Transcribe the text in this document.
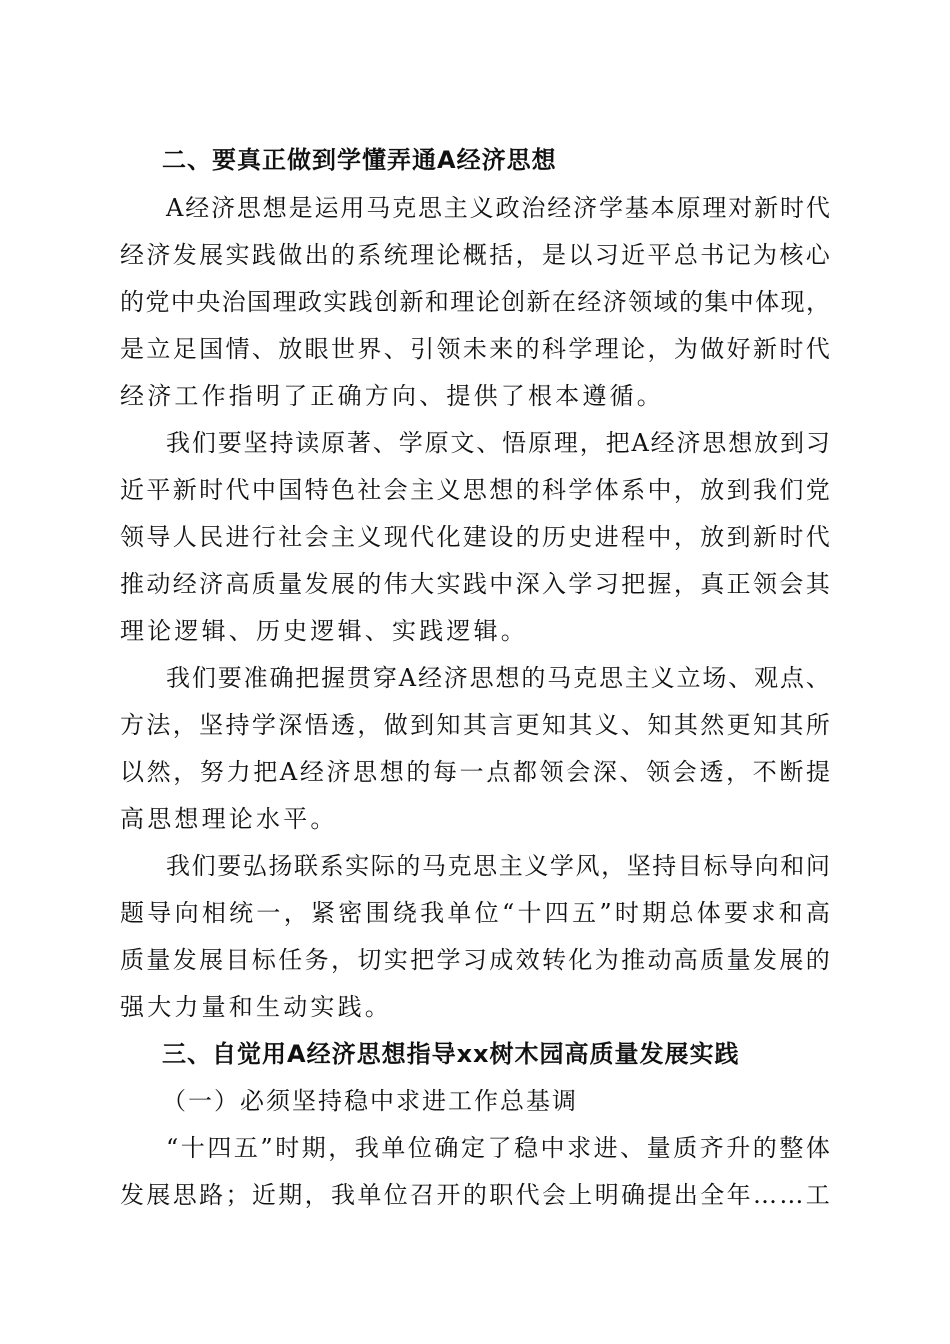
二、要真正做到学懂弄通A经济思想
A 经 济 思 想 是 运 用 马 克 思 主 义 政 治 经 济 学 基 本 原 理 对 新 时 代
经 济 发 展 实 践 做 出 的 系 统 理 论 概 括 ， 是 以 习 近 平 总 书 记 为 核 心
的 党 中 央 治 国 理 政 实 践 创 新 和 理 论 创 新 在 经 济 领 域 的 集 中 体 现 ，
是 立 足 国 情 、 放 眼 世 界 、 引 领 未 来 的 科 学 理 论 ， 为 做 好 新 时 代
经济工作指明了正确方向、提供了根本遵循。
我 们 要 坚 持 读 原 著 、 学 原 文 、 悟 原 理 ， 把 A 经 济 思 想 放 到 习
近 平 新 时 代 中 国 特 色 社 会 主 义 思 想 的 科 学 体 系 中 ， 放 到 我 们 党
领 导 人 民 进 行 社 会 主 义 现 代 化 建 设 的 历 史 进 程 中 ， 放 到 新 时 代
推 动 经 济 高 质 量 发 展 的 伟 大 实 践 中 深 入 学 习 把 握 ， 真 正 领 会 其
理论逻辑、历史逻辑、实践逻辑。
我 们 要 准 确 把 握 贯 穿 A 经 济 思 想 的 马 克 思 主 义 立 场 、 观 点 、
方 法 ， 坚 持 学 深 悟 透 ， 做 到 知 其 言 更 知 其 义 、 知 其 然 更 知 其 所
以 然 ， 努 力 把 A 经 济 思 想 的 每 一 点 都 领 会 深 、 领 会 透 ， 不 断 提
高思想理论水平。
我 们 要 弘 扬 联 系 实 际 的 马 克 思 主 义 学 风 ， 坚 持 目 标 导 向 和 问
题 导 向 相 统 一 ， 紧 密 围 绕 我 单 位 “ 十 四 五 ” 时 期 总 体 要 求 和 高
质 量 发 展 目 标 任 务 ， 切 实 把 学 习 成 效 转 化 为 推 动 高 质 量 发 展 的
强大力量和生动实践。
三、自觉用A经济思想指导xx树木园高质量发展实践
（一）必须坚持稳中求进工作总基调
“ 十 四 五 ” 时 期 ， 我 单 位 确 定 了 稳 中 求 进 、 量 质 齐 升 的 整 体
发 展 思 路 ； 近 期 ， 我 单 位 召 开 的 职 代 会 上 明 确 提 出 全 年 … … 工
